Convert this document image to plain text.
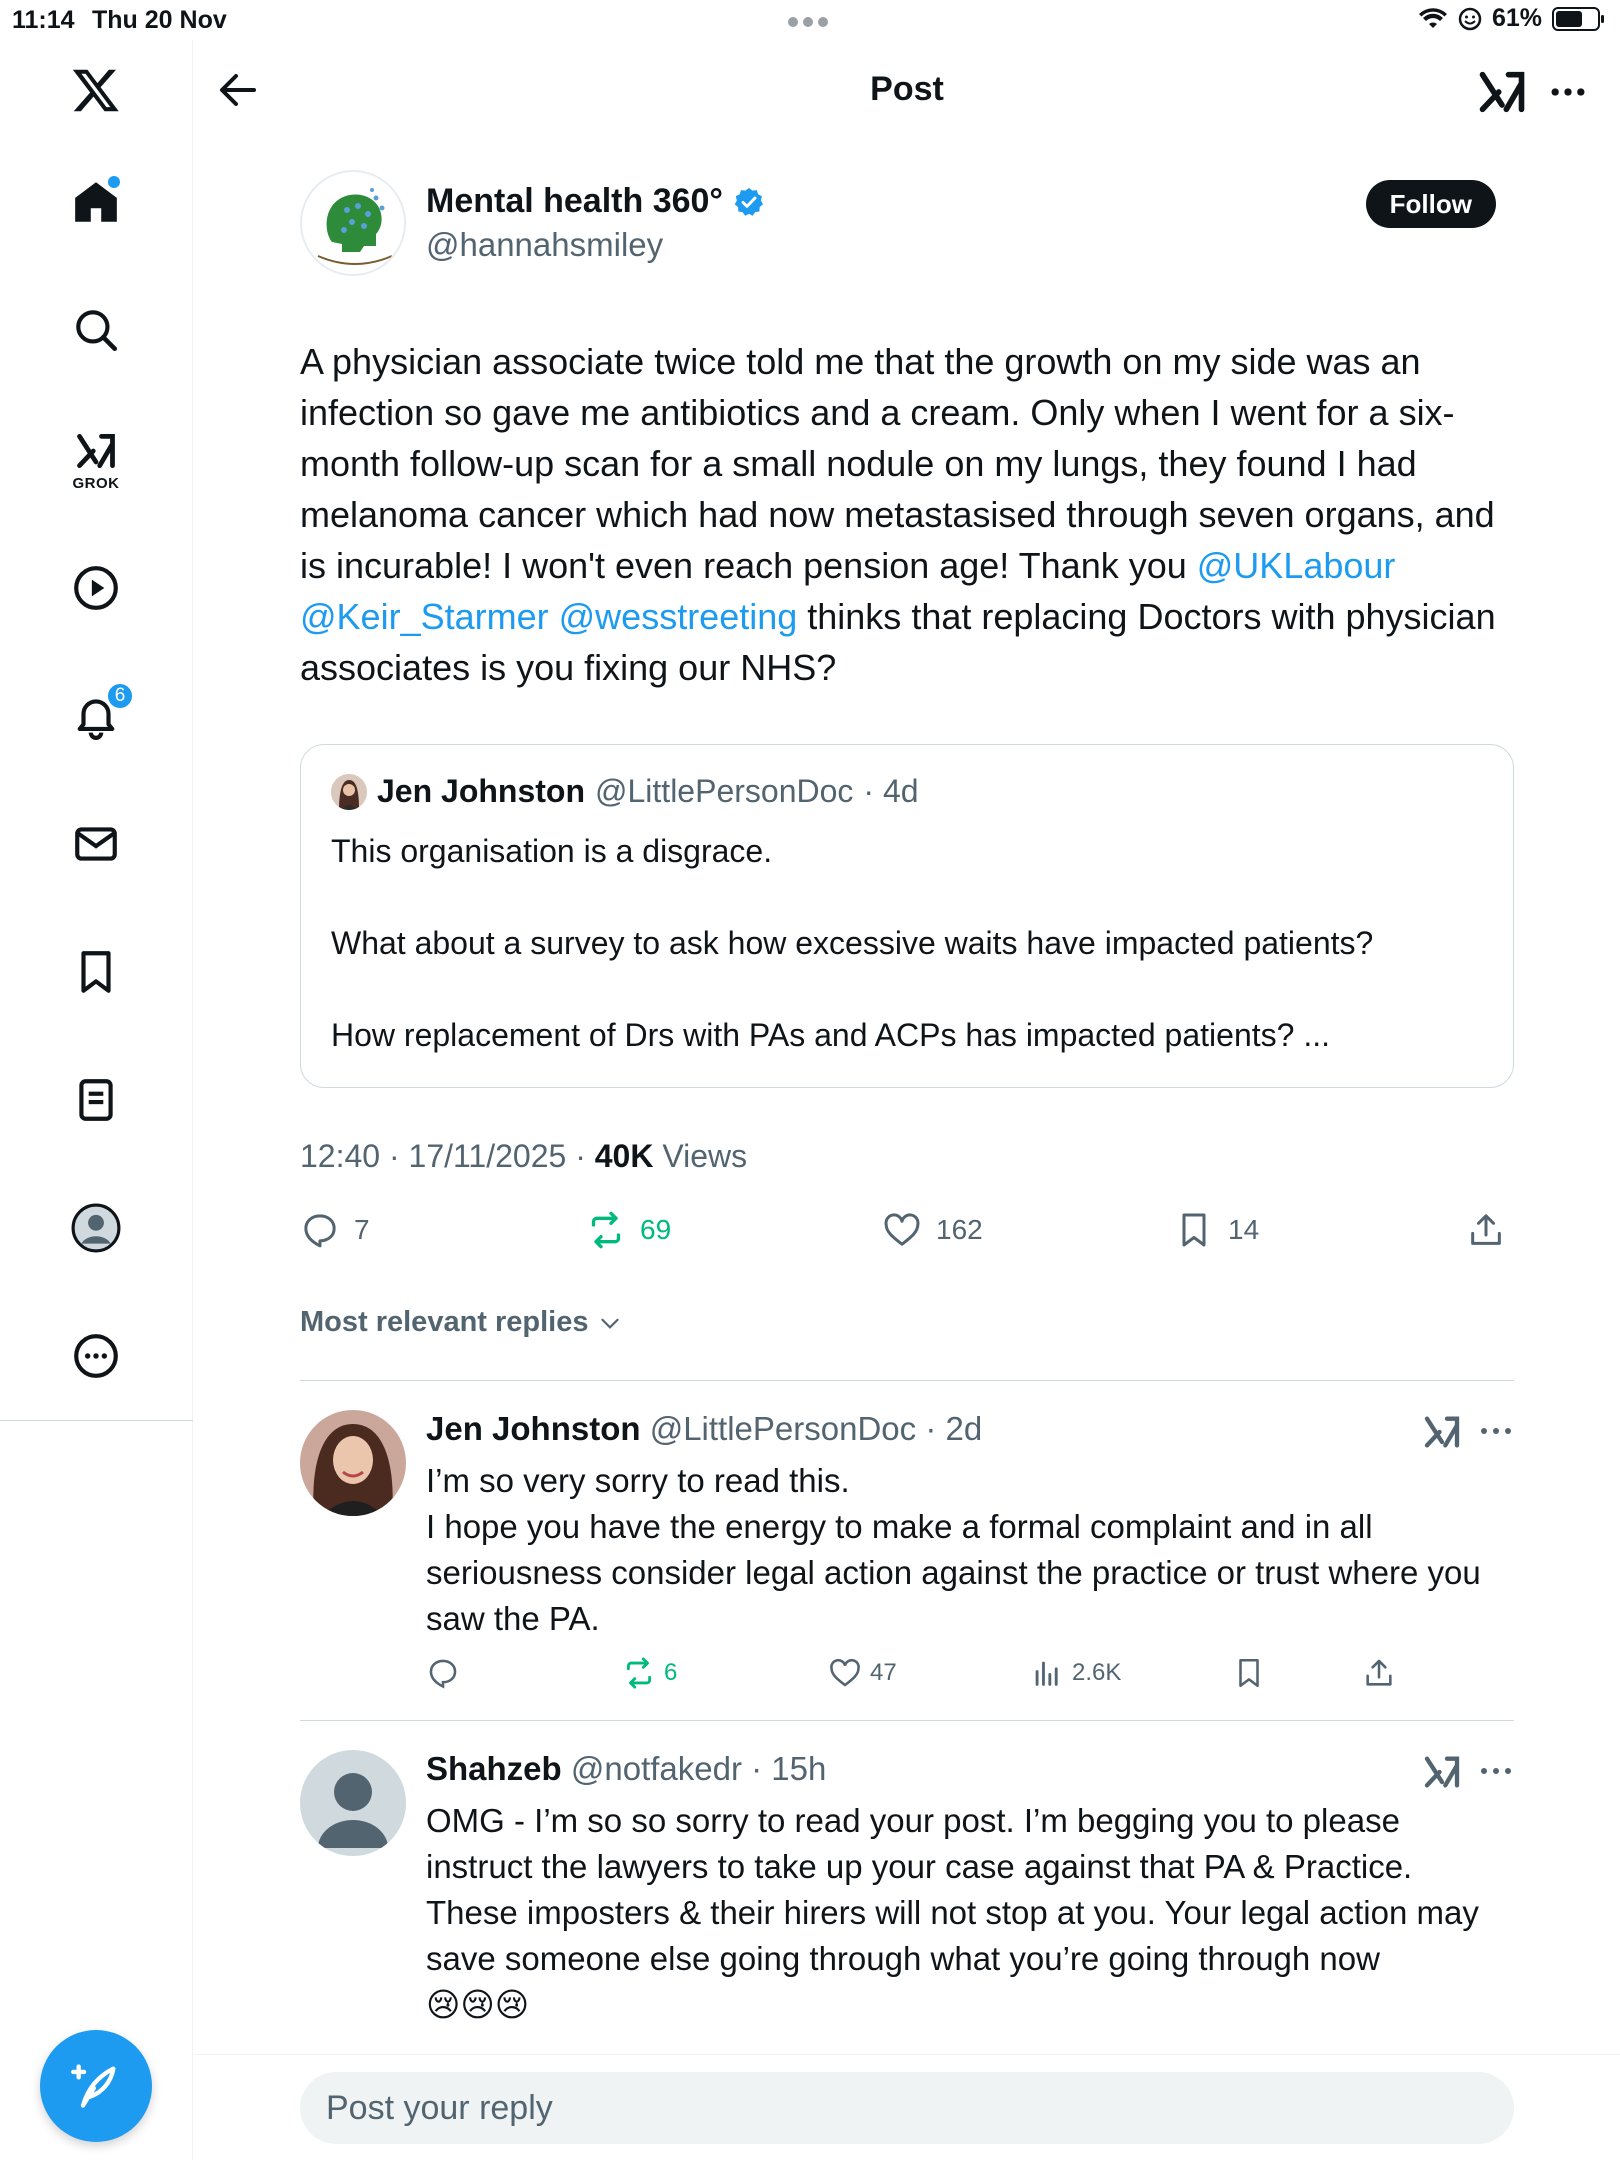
11:14 Thu 20 Nov	61%
GROK
6
Post
Mental health 360°
@hannahsmiley
Follow
A physician associate twice told me that the growth on my side was an infection so gave me antibiotics and a cream. Only when I went for a six-month follow-up scan for a small nodule on my lungs, they found I had melanoma cancer which had now metastasised through seven organs, and is incurable! I won't even reach pension age! Thank you @UKLabour @Keir_Starmer @wesstreeting thinks that replacing Doctors with physician associates is you fixing our NHS?
Jen Johnston @LittlePersonDoc · 4d
This organisation is a disgrace.
What about a survey to ask how excessive waits have impacted patients?
How replacement of Drs with PAs and ACPs has impacted patients? ...
12:40 · 17/11/2025 · 40K Views
7	69	162	14
Most relevant replies
Jen Johnston @LittlePersonDoc · 2d
I’m so very sorry to read this.
I hope you have the energy to make a formal complaint and in all seriousness consider legal action against the practice or trust where you saw the PA.
6	47	2.6K
Shahzeb @notfakedr · 15h
OMG - I’m so so sorry to read your post. I’m begging you to please instruct the lawyers to take up your case against that PA & Practice. These imposters & their hirers will not stop at you. Your legal action may save someone else going through what you’re going through now
😢😢😢
Post your reply
